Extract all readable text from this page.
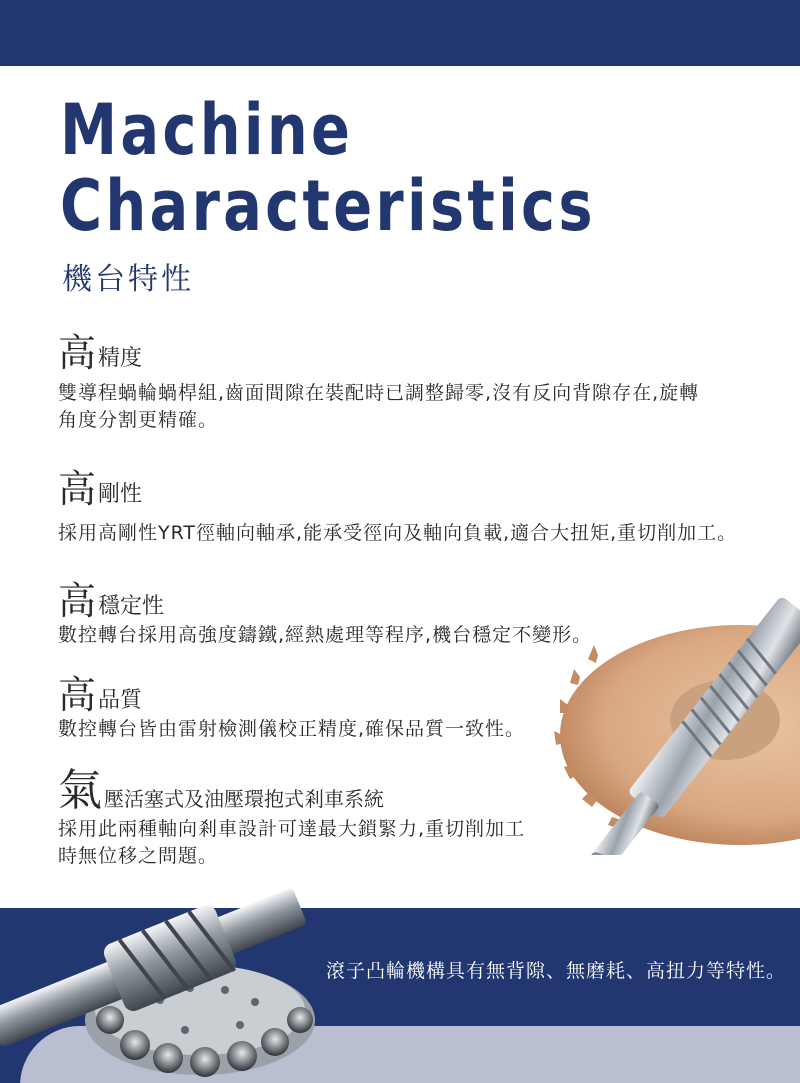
Machine
Characteristics
機台特性
高 精度
雙導程蝸輪蝸桿組,齒面間隙在裝配時已調整歸零,沒有反向背隙存在,旋轉
角度分割更精確。
高 剛性
採用高剛性YRT徑軸向軸承,能承受徑向及軸向負載,適合大扭矩,重切削加工。
高 穩定性
數控轉台採用高強度鑄鐵,經熱處理等程序,機台穩定不變形。
高 品質
數控轉台皆由雷射檢測儀校正精度,確保品質一致性。
氣 壓活塞式及油壓環抱式剎車系統
採用此兩種軸向剎車設計可達最大鎖緊力,重切削加工
時無位移之問題。
滾子凸輪機構具有無背隙、無磨耗、高扭力等特性。
